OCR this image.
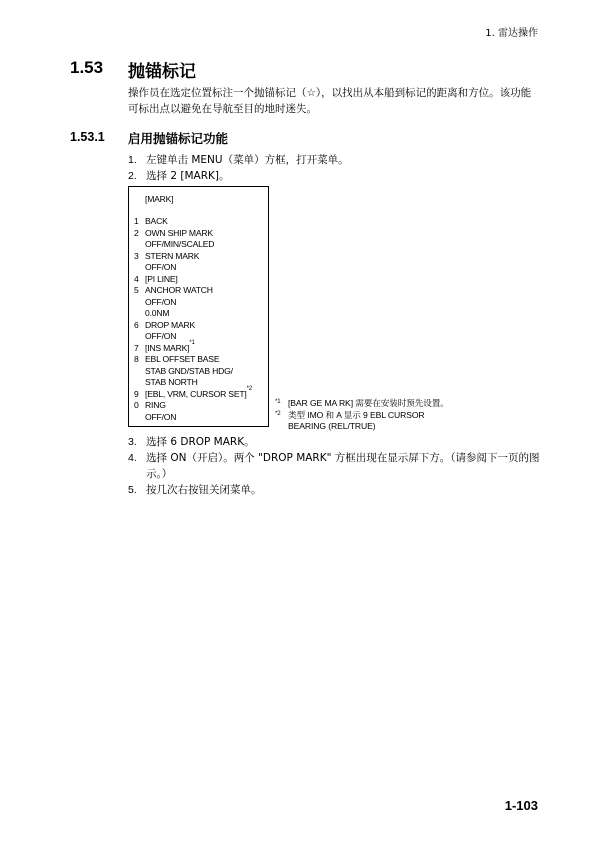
1. 雷达操作
1.53 抛锚标记
操作员在选定位置标注一个抛锚标记（☆），以找出从本船到标记的距离和方位。该功能可标出点以避免在导航至目的地时迷失。
1.53.1 启用抛锚标记功能
1. 左键单击 MENU（菜单）方框，打开菜单。
2. 选择 2 [MARK]。
[MARK]
1 BACK
2 OWN SHIP MARK
OFF/MIN/SCALED
3 STERN MARK
OFF/ON
4 [PI LINE]
5 ANCHOR WATCH
OFF/ON
0.0NM
6 DROP MARK
OFF/ON
7 [INS MARK] *1
8 EBL OFFSET BASE
STAB GND/STAB HDG/
STAB NORTH
9 [EBL, VRM, CURSOR SET] *2
0 RING
OFF/ON
$^{*1}$ [BAR GE MA RK] 需要在安装时预先设置。
$^{*2}$ 类型 IMO 和 A 显示 9 EBL CURSOR
BEARING (REL/TRUE)
3. 选择 6 DROP MARK。
4. 选择 ON（开启）。两个 "DROP MARK" 方框出现在显示屏下方。（请参阅下一页的图示。）
5. 按几次右按钮关闭菜单。
1-103
